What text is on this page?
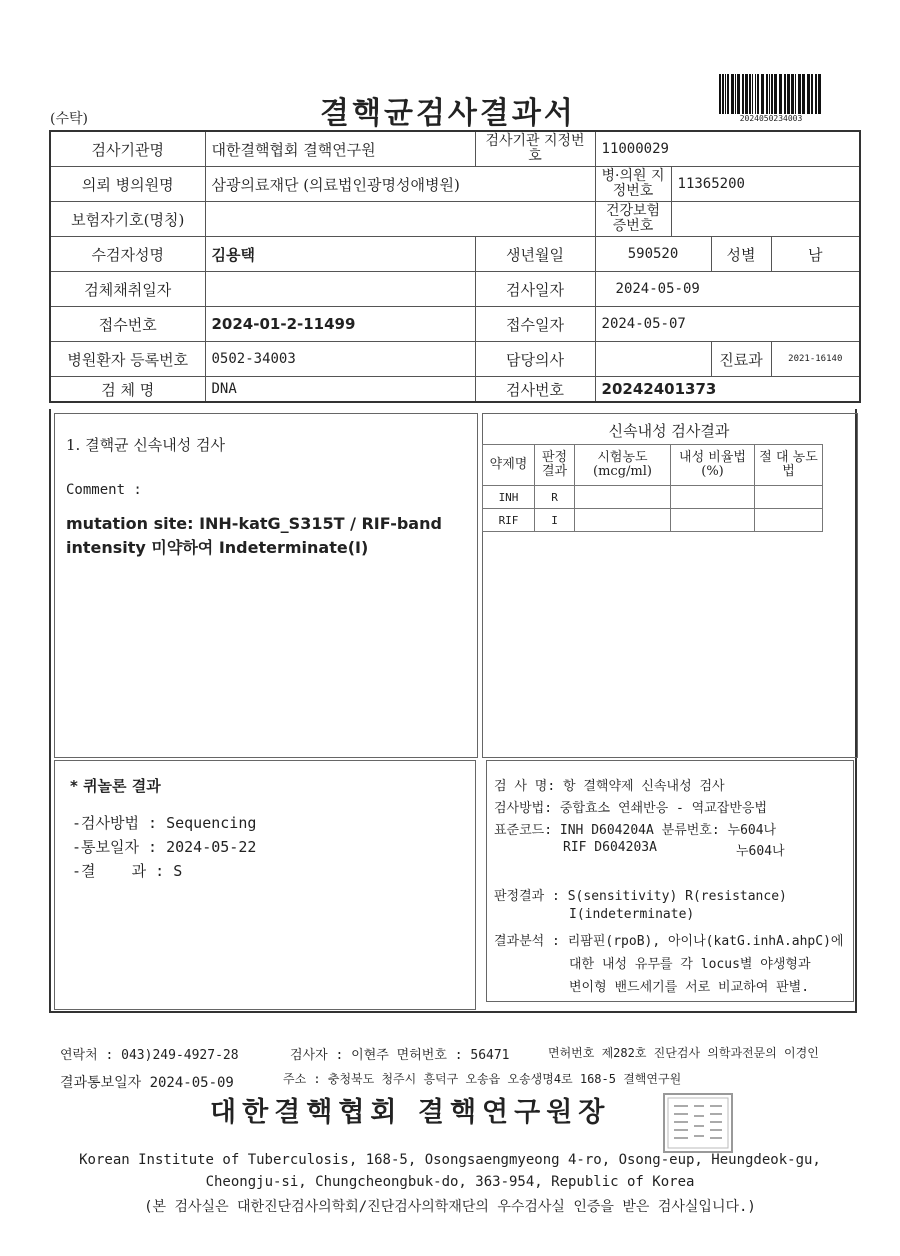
(수탁)	결핵균검사결과서	2024050234003
검사기관명	대한결핵협회 결핵연구원	검사기관 지정번호	11000029			
의뢰 병의원명	삼광의료재단 (의료법인광명성애병원)		병·의원 지정번호	11365200		
보험자기호(명칭)			건강보험 증번호			
수검자성명	김용택	생년월일	590520		성별	남
검체채취일자		검사일자	2024-05-09			
접수번호	2024-01-2-11499	접수일자	2024-05-07			
병원환자 등록번호	0502-34003	담당의사			진료과	2021-16140
검 체 명	DNA	검사번호	20242401373			
1. 결핵균 신속내성 검사
Comment :
mutation site: INH-katG_S315T / RIF-band
intensity 미약하여 Indeterminate(I)
신속내성 검사결과
약제명	판정 결과	시험농도 (mcg/ml)	내성 비율법(%)	절 대 농도법	
INH	R				
RIF	I				
* 퀴놀론 결과
-검사방법 : Sequencing
-통보일자 : 2024-05-22
-결    과 : S
검 사 명: 항 결핵약제 신속내성 검사
검사방법: 중합효소 연쇄반응 - 역교잡반응법
표준코드: INH D604204A 분류번호: 누604나
RIF D604203A	누604나
판정결과 : S(sensitivity) R(resistance)
I(indeterminate)
결과분석 : 리팜핀(rpoB), 아이나(katG.inhA.ahpC)에
대한 내성 유무를 각 locus별 야생형과
변이형 밴드세기를 서로 비교하여 판별.
연락처 : 043)249-4927-28	검사자 : 이현주 면허번호 : 56471	면허번호 제282호 진단검사 의학과전문의 이경인
결과통보일자 2024-05-09	주소 : 충청북도 청주시 흥덕구 오송읍 오송생명4로 168-5 결핵연구원
대한결핵협회 결핵연구원장
Korean Institute of Tuberculosis, 168-5, Osongsaengmyeong 4-ro, Osong-eup, Heungdeok-gu,
Cheongju-si, Chungcheongbuk-do, 363-954, Republic of Korea
(본 검사실은 대한진단검사의학회/진단검사의학재단의 우수검사실 인증을 받은 검사실입니다.)
